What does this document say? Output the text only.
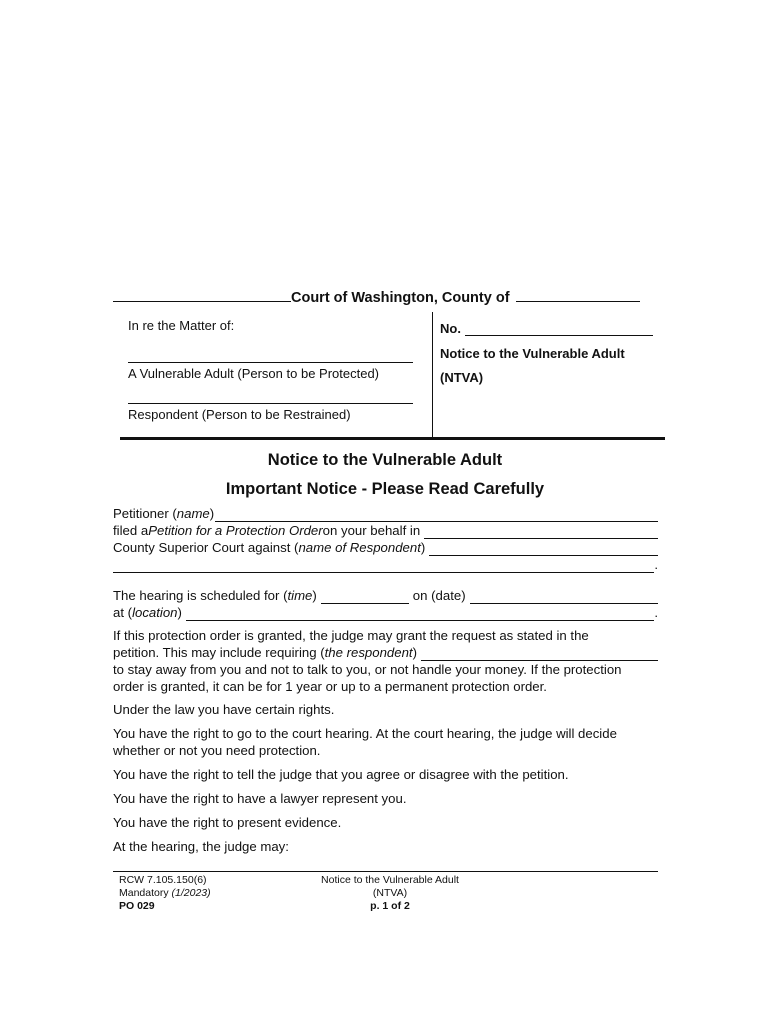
Court of Washington, County of
In re the Matter of:
A Vulnerable Adult (Person to be Protected)
Respondent (Person to be Restrained)
No.
Notice to the Vulnerable Adult
(NTVA)
Notice to the Vulnerable Adult
Important Notice - Please Read Carefully
Petitioner ( name )
filed a Petition for a Protection Order on your behalf in
County Superior Court against ( name of Respondent )
.
The hearing is scheduled for ( time )	on (date)
at ( location )	.
If this protection order is granted, the judge may grant the request as stated in the
petition. This may include requiring ( the respondent )
to stay away from you and not to talk to you, or not handle your money. If the protection
order is granted, it can be for 1 year or up to a permanent protection order.
Under the law you have certain rights.
You have the right to go to the court hearing. At the court hearing, the judge will decide
whether or not you need protection.
You have the right to tell the judge that you agree or disagree with the petition.
You have the right to have a lawyer represent you.
You have the right to present evidence.
At the hearing, the judge may:
RCW 7.105.150(6)
Mandatory (1/2023)
PO 029
Notice to the Vulnerable Adult
(NTVA)
p. 1 of 2
